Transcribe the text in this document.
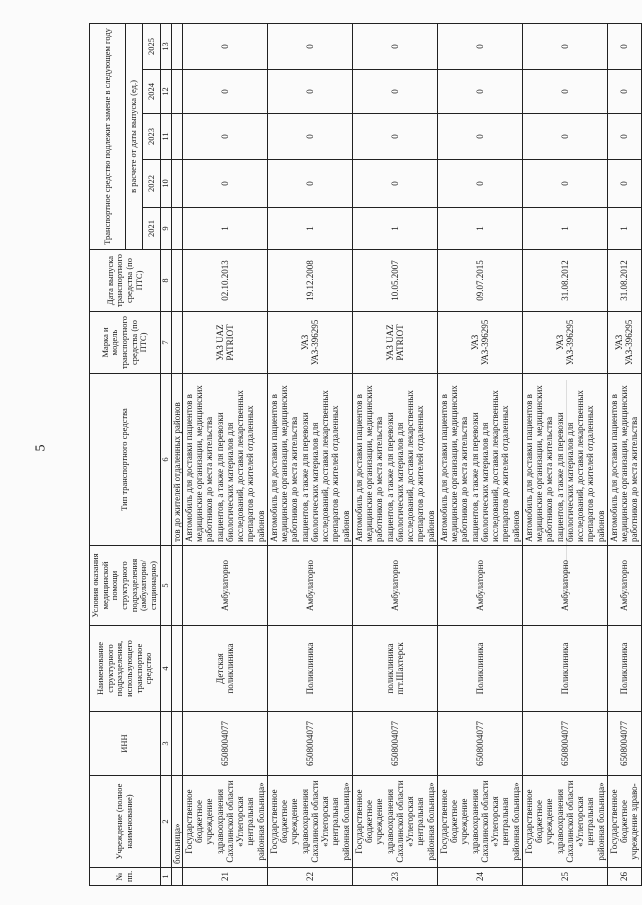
5
№ пп.	Учреждение (полное наименование)	ИНН	Наименование структурного подразделения, использующего транспортное средство	Условия оказания медицинской помощи структурного подразделения (амбулаторно/ стационарно)	Тип транспортного средства	Марка и модель транспортного средства (по ПТС)	Дата выпуска транспортного средства (по ПТС)	Транспортное средство подлежит замене в следующем году				
								в расчете от даты выпуска (ед.)				
								2021	2022	2023	2024	2025
1	2	3	4	5	6	7	8	9	10	11	12	13
	больница»				тов до жителей отдаленных районов							
21	Государственное бюджетное учреждение здравоохранения Сахалинской области «Углегорская центральная районная больница»	6508004077	Детская поликлиника	Амбулаторно	Автомобиль для доставки пациентов в медицинские организации, медицинских работников до места жительства пациентов, а также для перевозки биологических материалов для исследований, доставки лекарственных препаратов до жителей отдаленных районов	УАЗ UAZ PATRIOT	02.10.2013	1	0	0	0	0
22	Государственное бюджетное учреждение здравоохранения Сахалинской области «Углегорская центральная районная больница»	6508004077	Поликлиника	Амбулаторно	Автомобиль для доставки пациентов в медицинские организации, медицинских работников до места жительства пациентов, а также для перевозки биологических материалов для исследований, доставки лекарственных препаратов до жителей отдаленных районов	УАЗ УАЗ-396295	19.12.2008	1	0	0	0	0
23	Государственное бюджетное учреждение здравоохранения Сахалинской области «Углегорская центральная районная больница»	6508004077	поликлиника пгт.Шахтерск	Амбулаторно	Автомобиль для доставки пациентов в медицинские организации, медицинских работников до места жительства пациентов, а также для перевозки биологических материалов для исследований, доставки лекарственных препаратов до жителей отдаленных районов	УАЗ UAZ PATRIOT	10.05.2007	1	0	0	0	0
24	Государственное бюджетное учреждение здравоохранения Сахалинской области «Углегорская центральная районная больница»	6508004077	Поликлиника	Амбулаторно	Автомобиль для доставки пациентов в медицинские организации, медицинских работников до места жительства пациентов, а также для перевозки биологических материалов для исследований, доставки лекарственных препаратов до жителей отдаленных районов	УАЗ УАЗ-396295	09.07.2015	1	0	0	0	0
25	Государственное бюджетное учреждение здравоохранения Сахалинской области «Углегорская центральная районная больница»	6508004077	Поликлиника	Амбулаторно	Автомобиль для доставки пациентов в медицинские организации, медицинских работников до места жительства пациентов, а также для перевозки биологических материалов для исследований, доставки лекарственных препаратов до жителей отдаленных районов	УАЗ УАЗ-396295	31.08.2012	1	0	0	0	0
26	Государственное бюджетное учреждение здраво-	6508004077	Поликлиника	Амбулаторно	Автомобиль для доставки пациентов в медицинские организации, медицинских работников до места жительства	УАЗ УАЗ-396295	31.08.2012	1	0	0	0	0
